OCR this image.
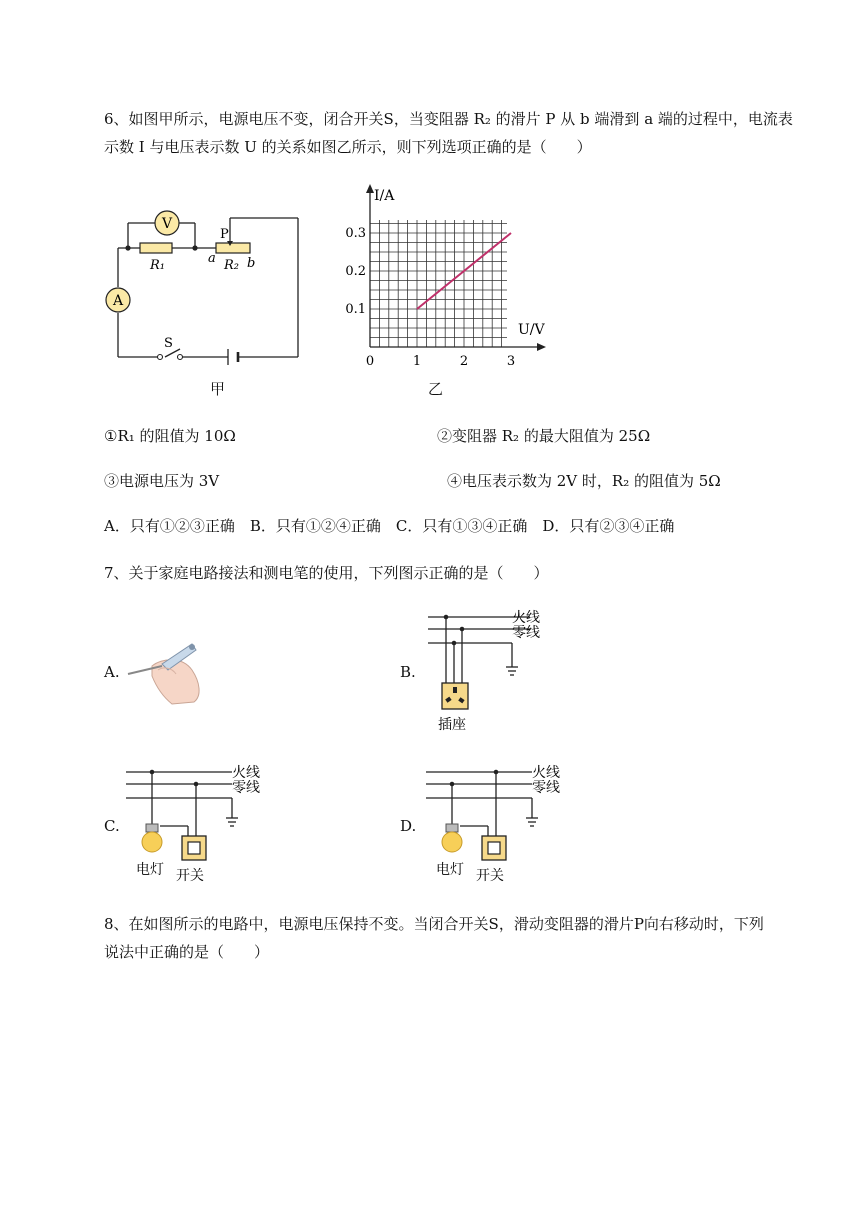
6、如图甲所示，电源电压不变，闭合开关S，当变阻器 R₂ 的滑片 P 从 b 端滑到 a 端的过程中，电流表
示数 I 与电压表示数 U 的关系如图乙所示，则下列选项正确的是（　　）
V
A
R₁	R₂
P
a b
S
甲
0	1	2	3
0.1
0.2
0.3
I/A
U/V
乙
①R₁ 的阻值为 10Ω	②变阻器 R₂ 的最大阻值为 25Ω
③电源电压为 3V	④电压表示数为 2V 时，R₂ 的阻值为 5Ω
A．只有①②③正确　B．只有①②④正确　C．只有①③④正确　D．只有②③④正确
7、关于家庭电路接法和测电笔的使用，下列图示正确的是（　　）
A.	B.
火线
零线
插座
C.
火线
零线
电灯 开关
D.
火线
零线
电灯 开关
8、在如图所示的电路中，电源电压保持不变。当闭合开关S，滑动变阻器的滑片P向右移动时，下列
说法中正确的是（　　）
